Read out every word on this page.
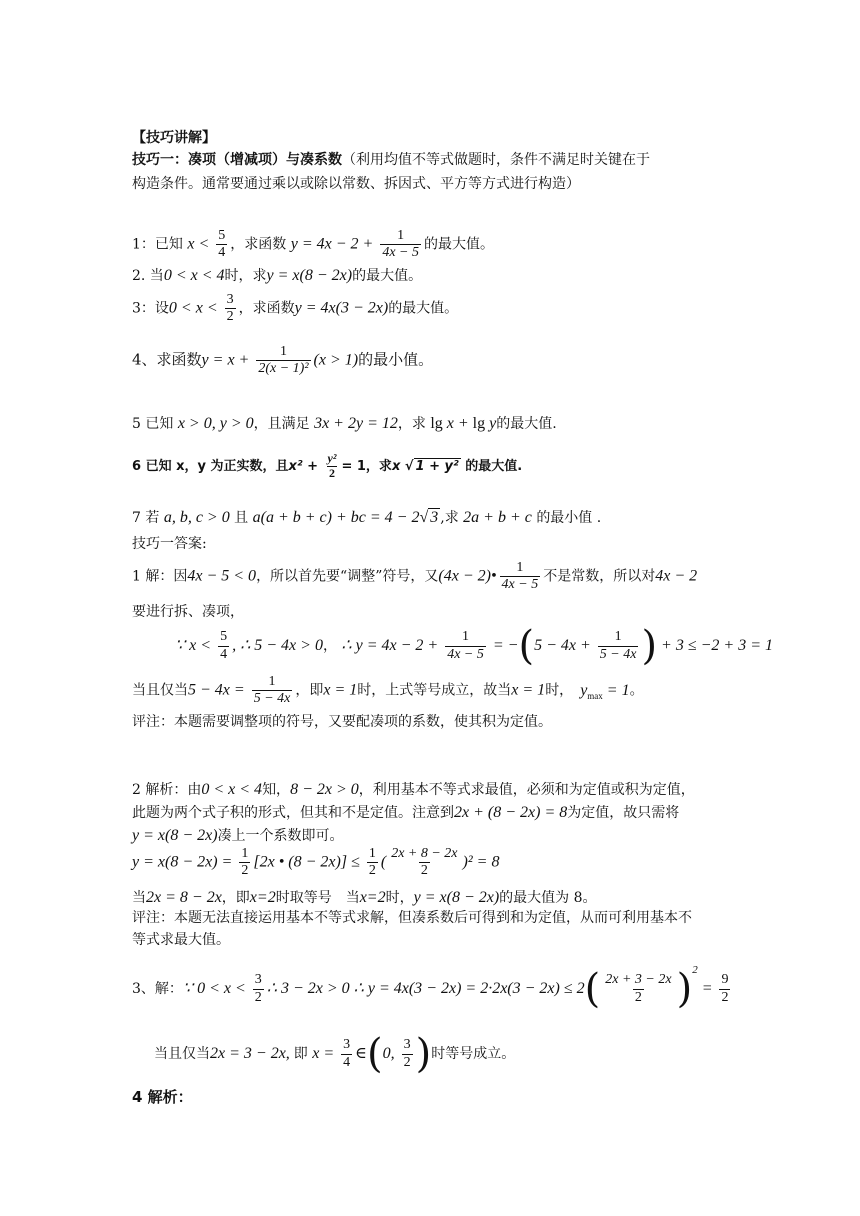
【技巧讲解】
技巧一：凑项（增减项）与凑系数（利用均值不等式做题时，条件不满足时关键在于
构造条件。通常要通过乘以或除以常数、拆因式、平方等方式进行构造）
1：已知 $x < \frac{5}{4}$ ，求函数 $y = 4x - 2 + \frac{1}{4x - 5}$ 的最大值。
2. 当0 < x < 4时，求y = x(8 − 2x)的最大值。
3：设$0 < x < \frac{3}{2}$ ，求函数y = 4x(3 − 2x)的最大值。
4、求函数$y = x + \frac{1}{\text{2(x − 1)²}} (x > 1)$的最小值。
5 已知 x > 0, y > 0，且满足 3x + 2y = 12，求 lg x + lg y的最大值.
6 已知 x，y 为正实数，且$x^2 + \frac{\text{y²}}{2} = 1$，求x √ 1 + y² 的最大值.
7 若 a, b, c > 0 且 a(a + b + c) + bc = 4 − 2√ 3 ,求 2a + b + c 的最小值 .
技巧一答案:
1 解：因4x − 5 < 0，所以首先要“调整”符号，又(4x − 2)• $\frac{1}{4x - 5}$ 不是常数，所以对4x − 2
要进行拆、凑项，
∵ $x < \frac{5}{4}$ , ∴ 5 − 4x > 0， ∴ $y = 4x - 2 + \frac{1}{4x - 5} = -(5 - 4x + \frac{1}{5 - 4x}$ ) + 3 ≤ −2 + 3 = 1
当且仅当$5 - 4x = \frac{1}{5 - 4x}$ ，即x = 1时，上式等号成立，故当x = 1时，　 $y_{max} = 1$。
评注：本题需要调整项的符号，又要配凑项的系数，使其积为定值。
2 解析：由0 < x < 4知，8 − 2x > 0，利用基本不等式求最值，必须和为定值或积为定值，
此题为两个式子积的形式，但其和不是定值。注意到2x + (8 − 2x) = 8为定值，故只需将
y = x(8 − 2x)凑上一个系数即可。
$y = x(8 - 2x) = \frac{1}{2} [2x$ • $(8 - 2x)] \le \frac{1}{2}$ ( $\frac{2x + 8 - 2x}{2} )^2 = 8$
当2x = 8 − 2x，即x=2时取等号　当x=2时，y = x(8 − 2x)的最大值为 8。
评注：本题无法直接运用基本不等式求解，但凑系数后可得到和为定值，从而可利用基本不
等式求最大值。
3、解：∵ $0 < x < \frac{3}{2}$ ∴ 3 − 2x > 0 ∴ $y = 4x(3 - 2x) = 2\cdot 2x(3 - 2x) \le 2( \frac{2x + 3 - 2x}{2} )^2 = \frac{9}{2}$
当且仅当2x = 3 − 2x, 即 $x = \frac{3}{4}$ ∈(0, $\frac{3}{2}$ )时等号成立。
4 解析：
